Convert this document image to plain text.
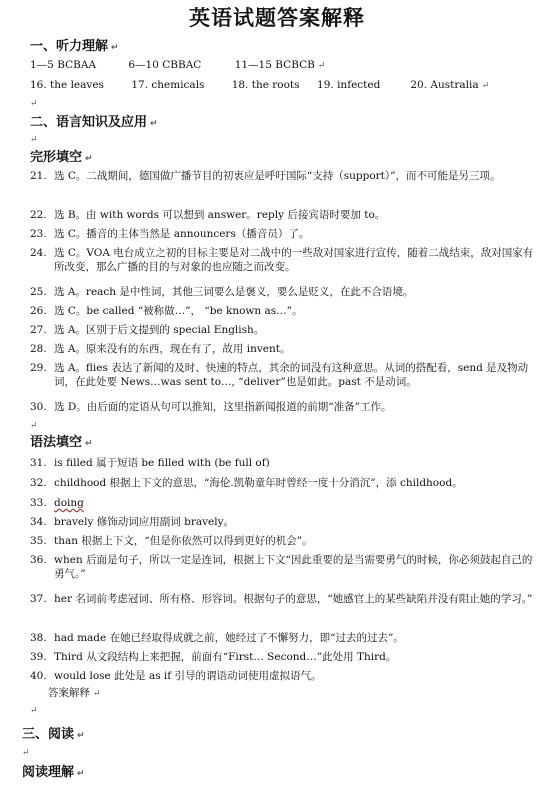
英语试题答案解释
一、听力理解 ↵
1—5 BCBAA	6—10 CBBAC	11—15 BCBCB ↵
16. the leaves	17. chemicals	18. the roots 19. infected	20. Australia ↵
↵
二、语言知识及应用 ↵
↵
完形填空 ↵
21. 选 C。二战期间，德国做广播节目的初衷应是呼吁国际“支持（support）”，而不可能是另三项。
22. 选 B。由 with words 可以想到 answer。reply 后接宾语时要加 to。
23. 选 C。播音的主体当然是 announcers（播音员）了。
24. 选 C。VOA 电台成立之初的目标主要是对二战中的一些敌对国家进行宣传，随着二战结束，敌对国家有所改变，那么广播的目的与对象的也应随之而改变。
25. 选 A。reach 是中性词，其他三词要么是褒义，要么是贬义，在此不合语境。
26. 选 C。be called “被称做…”， “be known as…”。
27. 选 A。区别于后文提到的 special English。
28. 选 A。原来没有的东西，现在有了，故用 invent。
29. 选 A。flies 表达了新闻的及时、快速的特点，其余的词没有这种意思。从词的搭配看，send 是及物动词，在此处要 News…was sent to…, “deliver”也是如此。past 不是动词。
30. 选 D。由后面的定语从句可以推知，这里指新闻报道的前期“准备”工作。
↵
语法填空 ↵
31. is filled 属于短语 be filled with (be full of)
32. childhood 根据上下文的意思，“海伦.凯勒童年时曾经一度十分消沉”，添 childhood。
33. doing
34. bravely 修饰动词应用副词 bravely。
35. than 根据上下文，“但是你依然可以得到更好的机会”。
36. when 后面是句子，所以一定是连词，根据上下文“因此重要的是当需要勇气的时候，你必须鼓起自己的勇气。”
37. her 名词前考虑冠词、所有格、形容词。根据句子的意思，“她感官上的某些缺陷并没有阻止她的学习。”
38. had made 在她已经取得成就之前，她经过了不懈努力，即“过去的过去”。
39. Third 从文段结构上来把握，前面有“First… Second…”此处用 Third。
40. would lose 此处是 as if 引导的谓语动词使用虚拟语气。
答案解释 ↵
↵
三、阅读 ↵
↵
阅读理解 ↵
